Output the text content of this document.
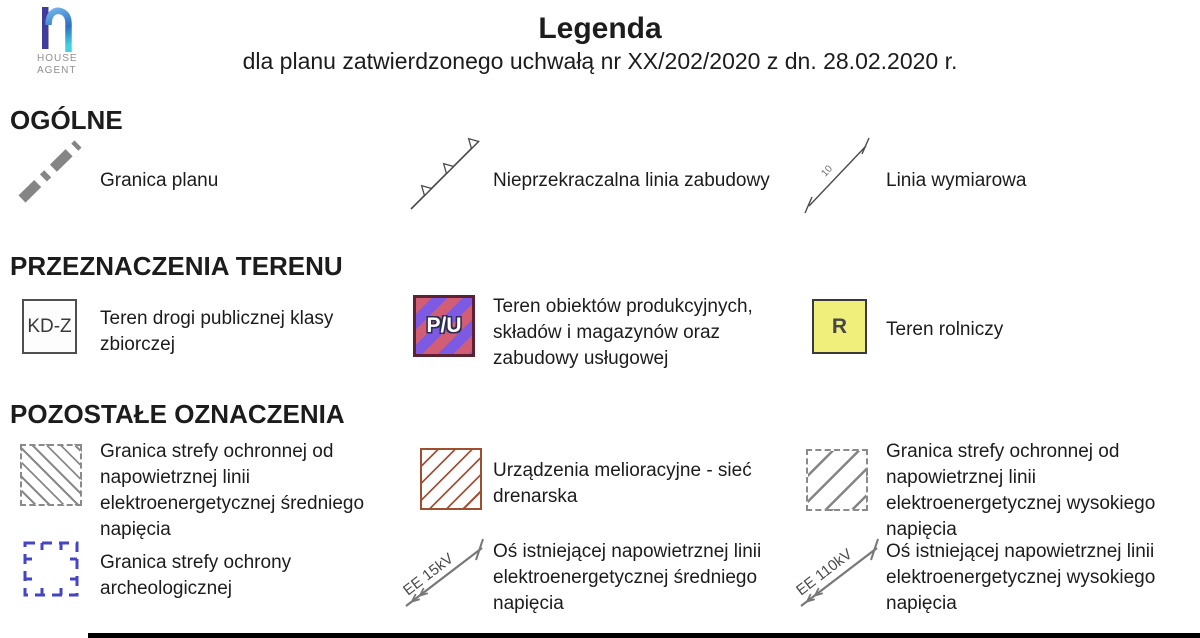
HOUSE
AGENT
Legenda
dla planu zatwierdzonego uchwałą nr XX/202/2020 z dn. 28.02.2020 r.
OGÓLNE
Granica planu	Nieprzekraczalna linia zabudowy	10	Linia wymiarowa
PRZEZNACZENIA TERENU
KD-Z Teren drogi publicznej klasy zbiorczej
P/U
Teren obiektów produkcyjnych, składów i magazynów oraz zabudowy usługowej
R Teren rolniczy
POZOSTAŁE OZNACZENIA
Granica strefy ochronnej od napowietrznej linii elektroenergetycznej średniego napięcia
Urządzenia melioracyjne - sieć drenarska
Granica strefy ochronnej od napowietrznej linii elektroenergetycznej wysokiego napięcia
Granica strefy ochrony archeologicznej	EE 15kV Oś istniejącej napowietrznej linii elektroenergetycznej średniego napięcia
EE 110kV Oś istniejącej napowietrznej linii elektroenergetycznej wysokiego napięcia
